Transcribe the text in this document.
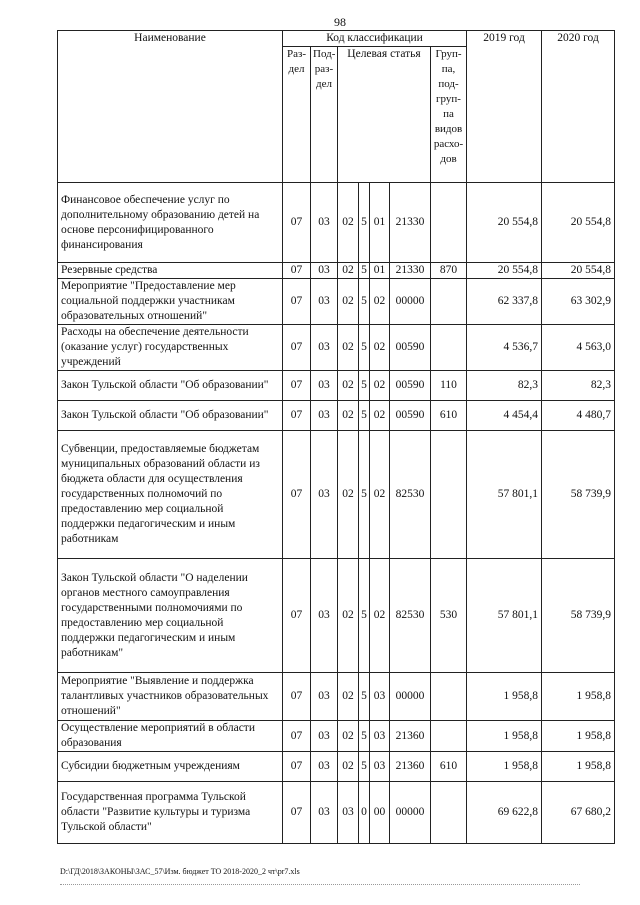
98
Наименование	Код классификации							2019 год	2020 год
	Раз-дел	Под-раз-дел	Целевая статья				Груп-па, под-груп-па видов расхо-дов		
Финансовое обеспечение услуг по дополнительному образованию детей на основе персонифицированного финансирования	07	03	02	5	01	21330		20 554,8	20 554,8
Резервные средства	07	03	02	5	01	21330	870	20 554,8	20 554,8
Мероприятие "Предоставление мер социальной поддержки участникам образовательных отношений"	07	03	02	5	02	00000		62 337,8	63 302,9
Расходы на обеспечение деятельности (оказание услуг) государственных учреждений	07	03	02	5	02	00590		4 536,7	4 563,0
Закон Тульской области "Об образовании"	07	03	02	5	02	00590	110	82,3	82,3
Закон Тульской области "Об образовании"	07	03	02	5	02	00590	610	4 454,4	4 480,7
Субвенции, предоставляемые бюджетам муниципальных образований области из бюджета области для осуществления государственных полномочий по предоставлению мер социальной поддержки педагогическим и иным работникам	07	03	02	5	02	82530		57 801,1	58 739,9
Закон Тульской области "О наделении органов местного самоуправления государственными полномочиями по предоставлению мер социальной поддержки педагогическим и иным работникам"	07	03	02	5	02	82530	530	57 801,1	58 739,9
Мероприятие "Выявление и поддержка талантливых участников образовательных отношений"	07	03	02	5	03	00000		1 958,8	1 958,8
Осуществление мероприятий в области образования	07	03	02	5	03	21360		1 958,8	1 958,8
Субсидии бюджетным учреждениям	07	03	02	5	03	21360	610	1 958,8	1 958,8
Государственная программа Тульской области "Развитие культуры и туризма Тульской области"	07	03	03	0	00	00000		69 622,8	67 680,2
D:\ГД\2018\ЗАКОНЫ\ЗАС_57\Изм. бюджет ТО 2018-2020_2 чт\pr7.xls
